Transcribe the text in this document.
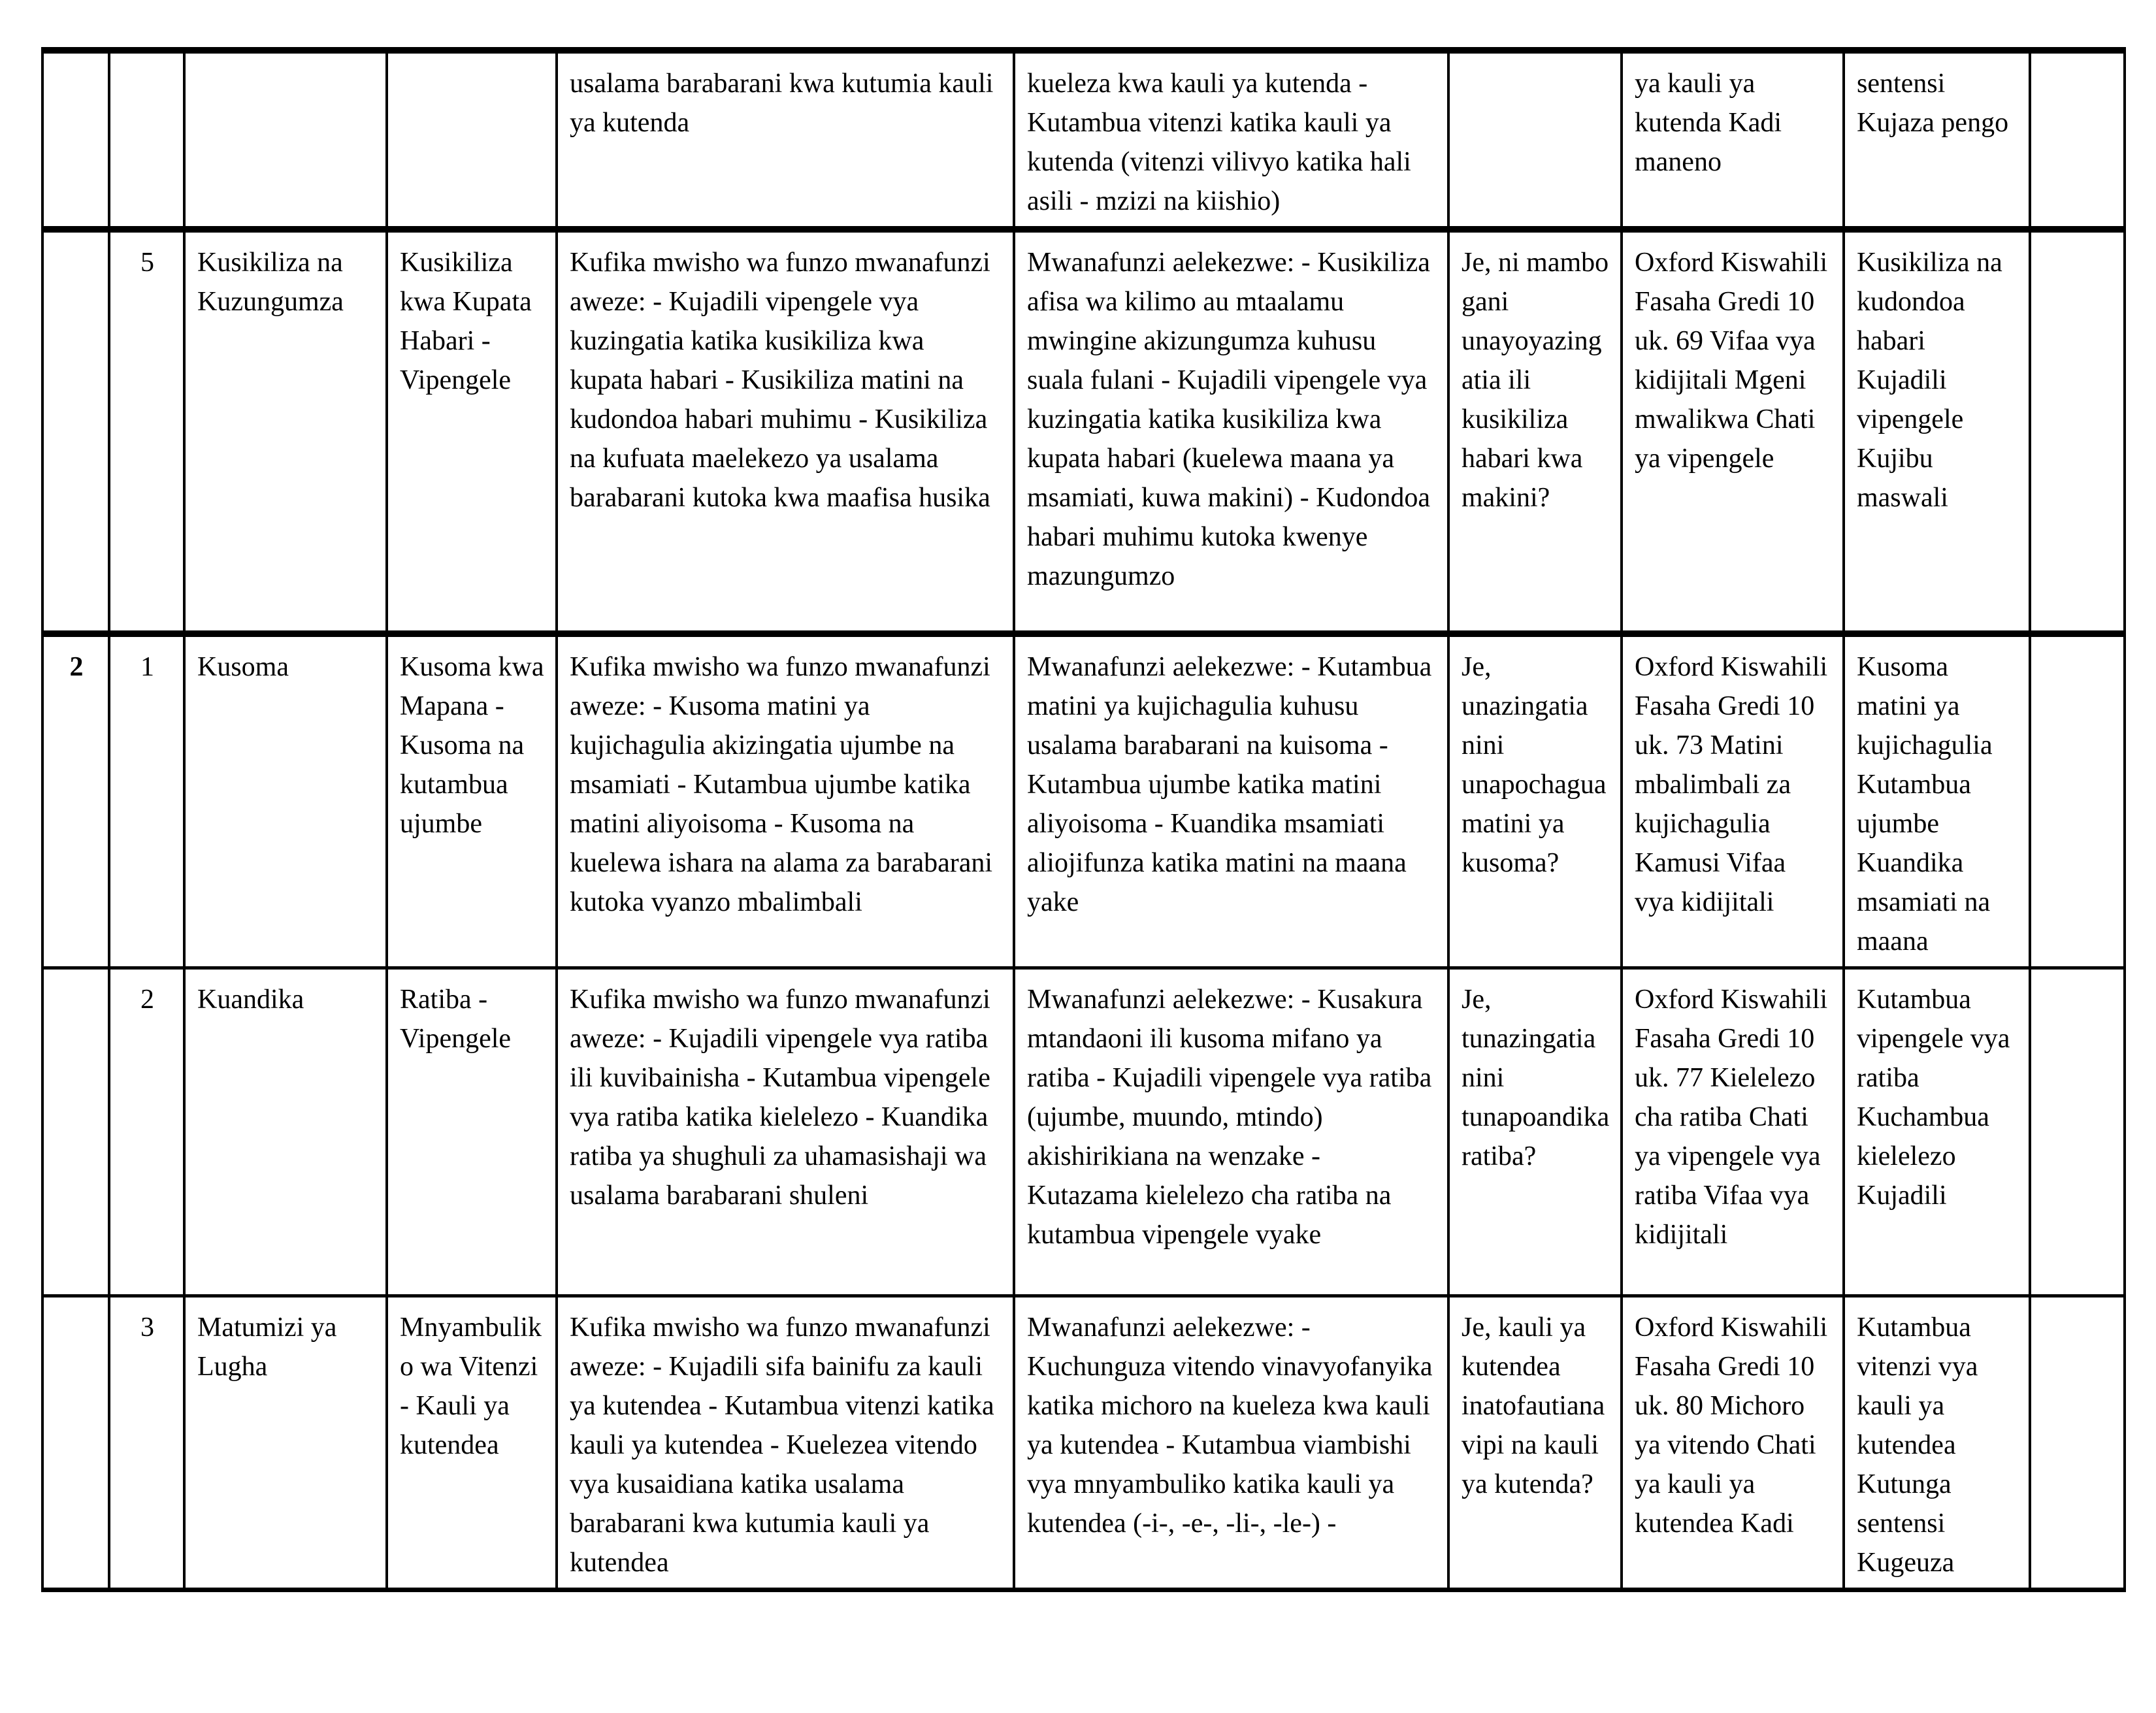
				usalama barabarani kwa kutumia kauli ya kutenda	kueleza kwa kauli ya kutenda - Kutambua vitenzi katika kauli ya kutenda (vitenzi vilivyo katika hali asili - mzizi na kiishio)		ya kauli ya kutenda Kadi maneno	sentensi Kujaza pengo	
	5	Kusikiliza na Kuzungumza	Kusikiliza kwa Kupata Habari - Vipengele	Kufika mwisho wa funzo mwanafunzi aweze: - Kujadili vipengele vya kuzingatia katika kusikiliza kwa kupata habari - Kusikiliza matini na kudondoa habari muhimu - Kusikiliza na kufuata maelekezo ya usalama barabarani kutoka kwa maafisa husika	Mwanafunzi aelekezwe: - Kusikiliza afisa wa kilimo au mtaalamu mwingine akizungumza kuhusu suala fulani - Kujadili vipengele vya kuzingatia katika kusikiliza kwa kupata habari (kuelewa maana ya msamiati, kuwa makini) - Kudondoa habari muhimu kutoka kwenye mazungumzo	Je, ni mambo gani unayoyazingatia ili kusikiliza habari kwa makini?	Oxford Kiswahili Fasaha Gredi 10 uk. 69 Vifaa vya kidijitali Mgeni mwalikwa Chati ya vipengele	Kusikiliza na kudondoa habari Kujadili vipengele Kujibu maswali	
2	1	Kusoma	Kusoma kwa Mapana - Kusoma na kutambua ujumbe	Kufika mwisho wa funzo mwanafunzi aweze: - Kusoma matini ya kujichagulia akizingatia ujumbe na msamiati - Kutambua ujumbe katika matini aliyoisoma - Kusoma na kuelewa ishara na alama za barabarani kutoka vyanzo mbalimbali	Mwanafunzi aelekezwe: - Kutambua matini ya kujichagulia kuhusu usalama barabarani na kuisoma - Kutambua ujumbe katika matini aliyoisoma - Kuandika msamiati aliojifunza katika matini na maana yake	Je, unazingatia nini unapochagua matini ya kusoma?	Oxford Kiswahili Fasaha Gredi 10 uk. 73 Matini mbalimbali za kujichagulia Kamusi Vifaa vya kidijitali	Kusoma matini ya kujichagulia Kutambua ujumbe Kuandika msamiati na maana	
	2	Kuandika	Ratiba - Vipengele	Kufika mwisho wa funzo mwanafunzi aweze: - Kujadili vipengele vya ratiba ili kuvibainisha - Kutambua vipengele vya ratiba katika kielelezo - Kuandika ratiba ya shughuli za uhamasishaji wa usalama barabarani shuleni	Mwanafunzi aelekezwe: - Kusakura mtandaoni ili kusoma mifano ya ratiba - Kujadili vipengele vya ratiba (ujumbe, muundo, mtindo) akishirikiana na wenzake - Kutazama kielelezo cha ratiba na kutambua vipengele vyake	Je, tunazingatia nini tunapoandika ratiba?	Oxford Kiswahili Fasaha Gredi 10 uk. 77 Kielelezo cha ratiba Chati ya vipengele vya ratiba Vifaa vya kidijitali	Kutambua vipengele vya ratiba Kuchambua kielelezo Kujadili	
	3	Matumizi ya Lugha	Mnyambuliko wa Vitenzi - Kauli ya kutendea	Kufika mwisho wa funzo mwanafunzi aweze: - Kujadili sifa bainifu za kauli ya kutendea - Kutambua vitenzi katika kauli ya kutendea - Kuelezea vitendo vya kusaidiana katika usalama barabarani kwa kutumia kauli ya kutendea	Mwanafunzi aelekezwe: - Kuchunguza vitendo vinavyofanyika katika michoro na kueleza kwa kauli ya kutendea - Kutambua viambishi vya mnyambuliko katika kauli ya kutendea (-i-, -e-, -li-, -le-) -	Je, kauli ya kutendea inatofautiana vipi na kauli ya kutenda?	Oxford Kiswahili Fasaha Gredi 10 uk. 80 Michoro ya vitendo Chati ya kauli ya kutendea Kadi	Kutambua vitenzi vya kauli ya kutendea Kutunga sentensi Kugeuza	
